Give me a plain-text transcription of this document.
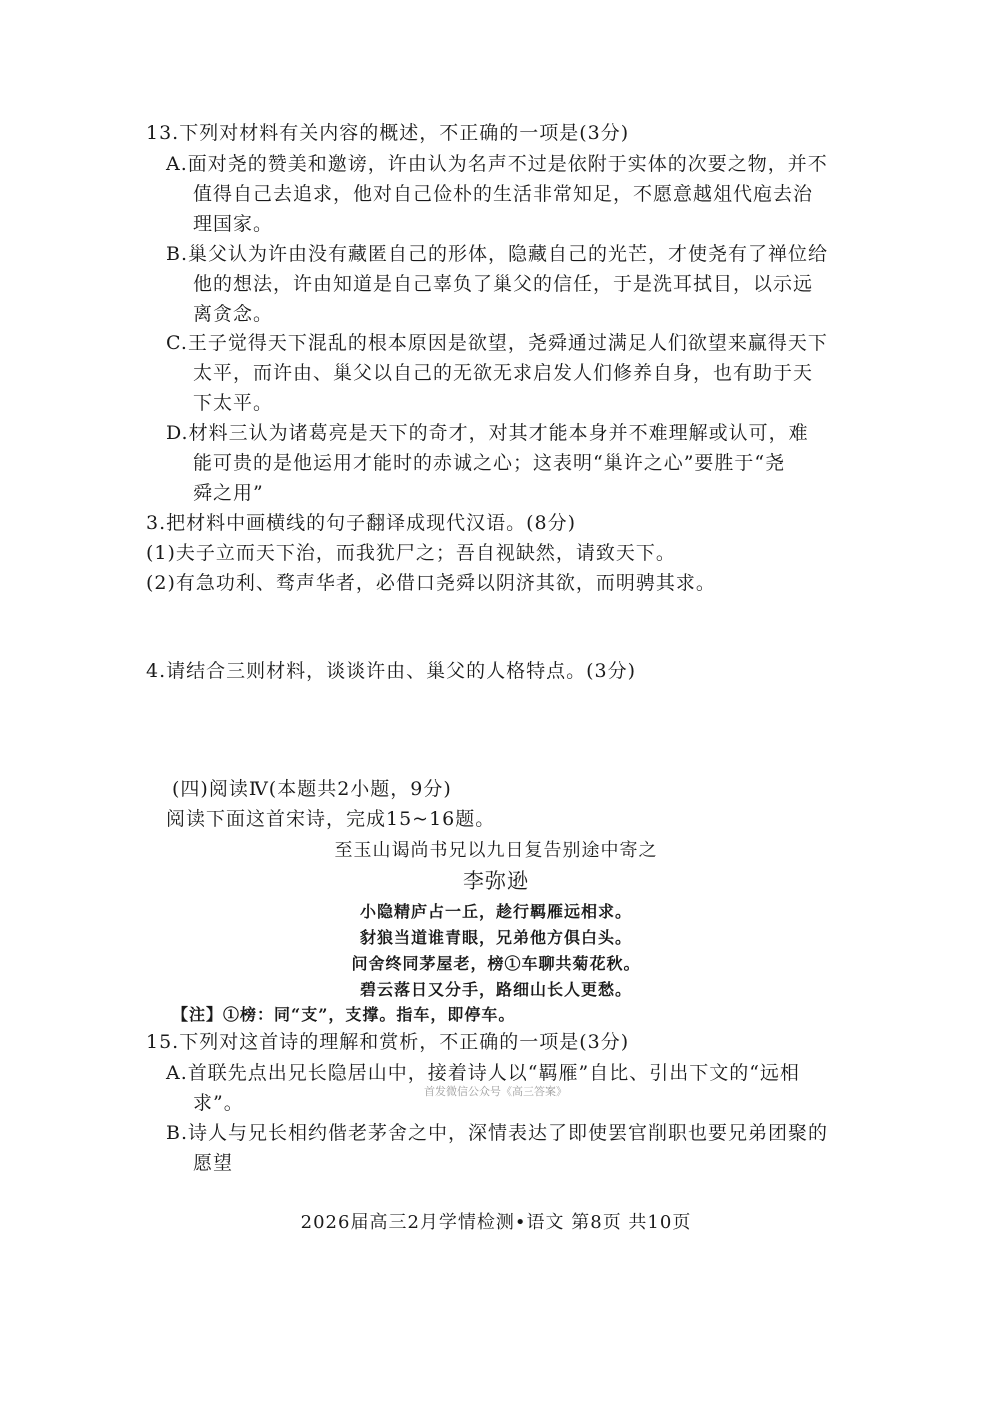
13.下列对材料有关内容的概述，不正确的一项是(3分)
A.面对尧的赞美和邀谤，许由认为名声不过是依附于实体的次要之物，并不
值得自己去追求，他对自己俭朴的生活非常知足，不愿意越俎代庖去治
理国家。
B.巢父认为许由没有藏匿自己的形体，隐藏自己的光芒，才使尧有了禅位给
他的想法，许由知道是自己辜负了巢父的信任，于是洗耳拭目，以示远
离贪念。
C.王子觉得天下混乱的根本原因是欲望，尧舜通过满足人们欲望来赢得天下
太平，而许由、巢父以自己的无欲无求启发人们修养自身，也有助于天
下太平。
D.材料三认为诸葛亮是天下的奇才，对其才能本身并不难理解或认可，难
能可贵的是他运用才能时的赤诚之心；这表明“巢许之心”要胜于“尧
舜之用”
3.把材料中画横线的句子翻译成现代汉语。(8分)
(1)夫子立而天下治，而我犹尸之；吾自视缺然，请致天下。
(2)有急功利、骛声华者，必借口尧舜以阴济其欲，而明骋其求。
4.请结合三则材料，谈谈许由、巢父的人格特点。(3分)
(四)阅读Ⅳ(本题共2小题，9分)
阅读下面这首宋诗，完成15~16题。
至玉山谒尚书兄以九日复告别途中寄之
李弥逊
小隐精庐占一丘，趁行羁雁远相求。
豺狼当道谁青眼，兄弟他方俱白头。
问舍终同茅屋老，榜①车聊共菊花秋。
碧云落日又分手，路细山长人更愁。
【注】①榜：同“支”，支撑。指车，即停车。
15.下列对这首诗的理解和赏析，不正确的一项是(3分)
A.首联先点出兄长隐居山中，接着诗人以“羁雁”自比、引出下文的“远相
首发微信公众号《高三答案》
求”。
B.诗人与兄长相约偕老茅舍之中，深情表达了即使罢官削职也要兄弟团聚的
愿望
2026届高三2月学情检测•语文 第8页 共10页
